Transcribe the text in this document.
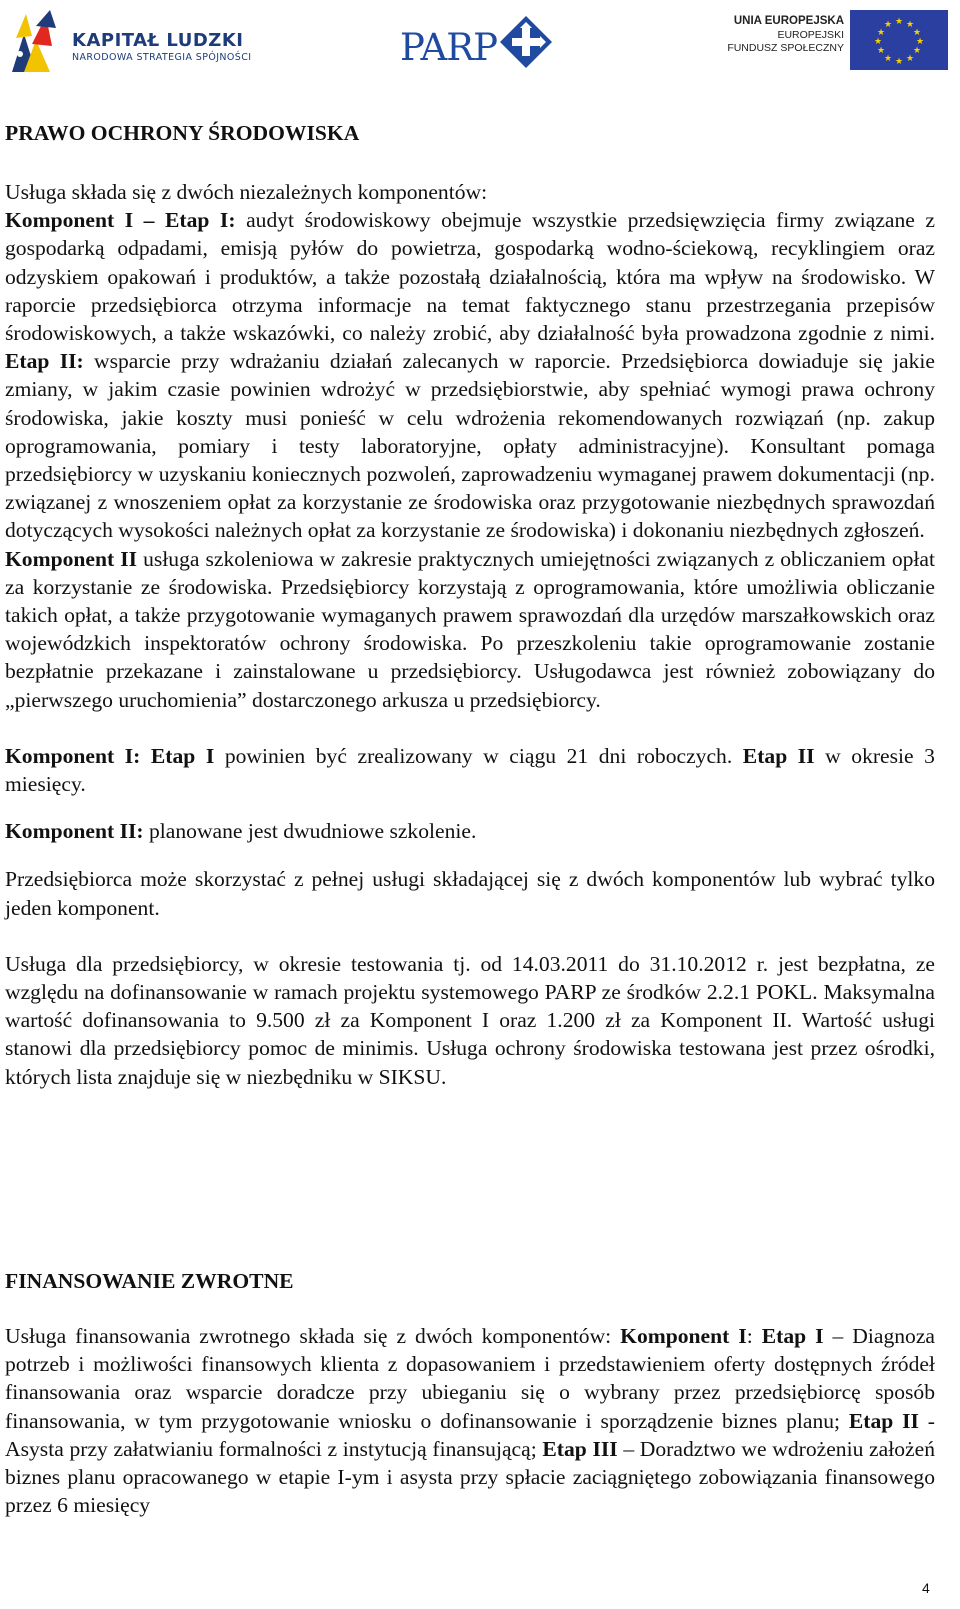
KAPITAŁ LUDZKI
NARODOWA STRATEGIA SPÓJNOŚCI	PARP
UNIA EUROPEJSKA
EUROPEJSKI
FUNDUSZ SPOŁECZNY
★ ★
★
★
★
★
★
★
★
★
★
★
PRAWO OCHRONY ŚRODOWISKA

Usługa składa się z dwóch niezależnych komponentów:
Komponent I – Etap I: audyt środowiskowy obejmuje wszystkie przedsięwzięcia firmy związane z gospodarką odpadami, emisją pyłów do powietrza, gospodarką wodno-ściekową, recyklingiem oraz odzyskiem opakowań i produktów, a także pozostałą działalnością, która ma wpływ na środowisko. W raporcie przedsiębiorca otrzyma informacje na temat faktycznego stanu przestrzegania przepisów środowiskowych, a także wskazówki, co należy zrobić, aby działalność była prowadzona zgodnie z nimi. Etap II: wsparcie przy wdrażaniu działań zalecanych w raporcie. Przedsiębiorca dowiaduje się jakie zmiany, w jakim czasie powinien wdrożyć w przedsiębiorstwie, aby spełniać wymogi prawa ochrony środowiska, jakie koszty musi ponieść w celu wdrożenia rekomendowanych rozwiązań (np. zakup oprogramowania, pomiary i testy laboratoryjne, opłaty administracyjne). Konsultant pomaga przedsiębiorcy w uzyskaniu koniecznych pozwoleń, zaprowadzeniu wymaganej prawem dokumentacji (np. związanej z wnoszeniem opłat za korzystanie ze środowiska oraz przygotowanie niezbędnych sprawozdań dotyczących wysokości należnych opłat za korzystanie ze środowiska) i dokonaniu niezbędnych zgłoszeń.
Komponent II usługa szkoleniowa w zakresie praktycznych umiejętności związanych z obliczaniem opłat za korzystanie ze środowiska. Przedsiębiorcy korzystają z oprogramowania, które umożliwia obliczanie takich opłat, a także przygotowanie wymaganych prawem sprawozdań dla urzędów marszałkowskich oraz wojewódzkich inspektoratów ochrony środowiska. Po przeszkoleniu takie oprogramowanie zostanie bezpłatnie przekazane i zainstalowane u przedsiębiorcy. Usługodawca jest również zobowiązany do „pierwszego uruchomienia” dostarczonego arkusza u przedsiębiorcy.

Komponent I: Etap I powinien być zrealizowany w ciągu 21 dni roboczych. Etap II w okresie 3 miesięcy.

Komponent II: planowane jest dwudniowe szkolenie.

Przedsiębiorca może skorzystać z pełnej usługi składającej się z dwóch komponentów lub wybrać tylko jeden komponent.

Usługa dla przedsiębiorcy, w okresie testowania tj. od 14.03.2011 do 31.10.2012 r. jest bezpłatna, ze względu na dofinansowanie w ramach projektu systemowego PARP ze środków 2.2.1 POKL. Maksymalna wartość dofinansowania to 9.500 zł za Komponent I oraz 1.200 zł za Komponent II. Wartość usługi stanowi dla przedsiębiorcy pomoc de minimis. Usługa ochrony środowiska testowana jest przez ośrodki, których lista znajduje się w niezbędniku w SIKSU.

FINANSOWANIE ZWROTNE

Usługa finansowania zwrotnego składa się z dwóch komponentów: Komponent I: Etap I – Diagnoza potrzeb i możliwości finansowych klienta z dopasowaniem i przedstawieniem oferty dostępnych źródeł finansowania oraz wsparcie doradcze przy ubieganiu się o wybrany przez przedsiębiorcę sposób finansowania, w tym przygotowanie wniosku o dofinansowanie i sporządzenie biznes planu; Etap II - Asysta przy załatwianiu formalności z instytucją finansującą; Etap III – Doradztwo we wdrożeniu założeń biznes planu opracowanego w etapie I-ym i asysta przy spłacie zaciągniętego zobowiązania finansowego przez 6 miesięcy

4
